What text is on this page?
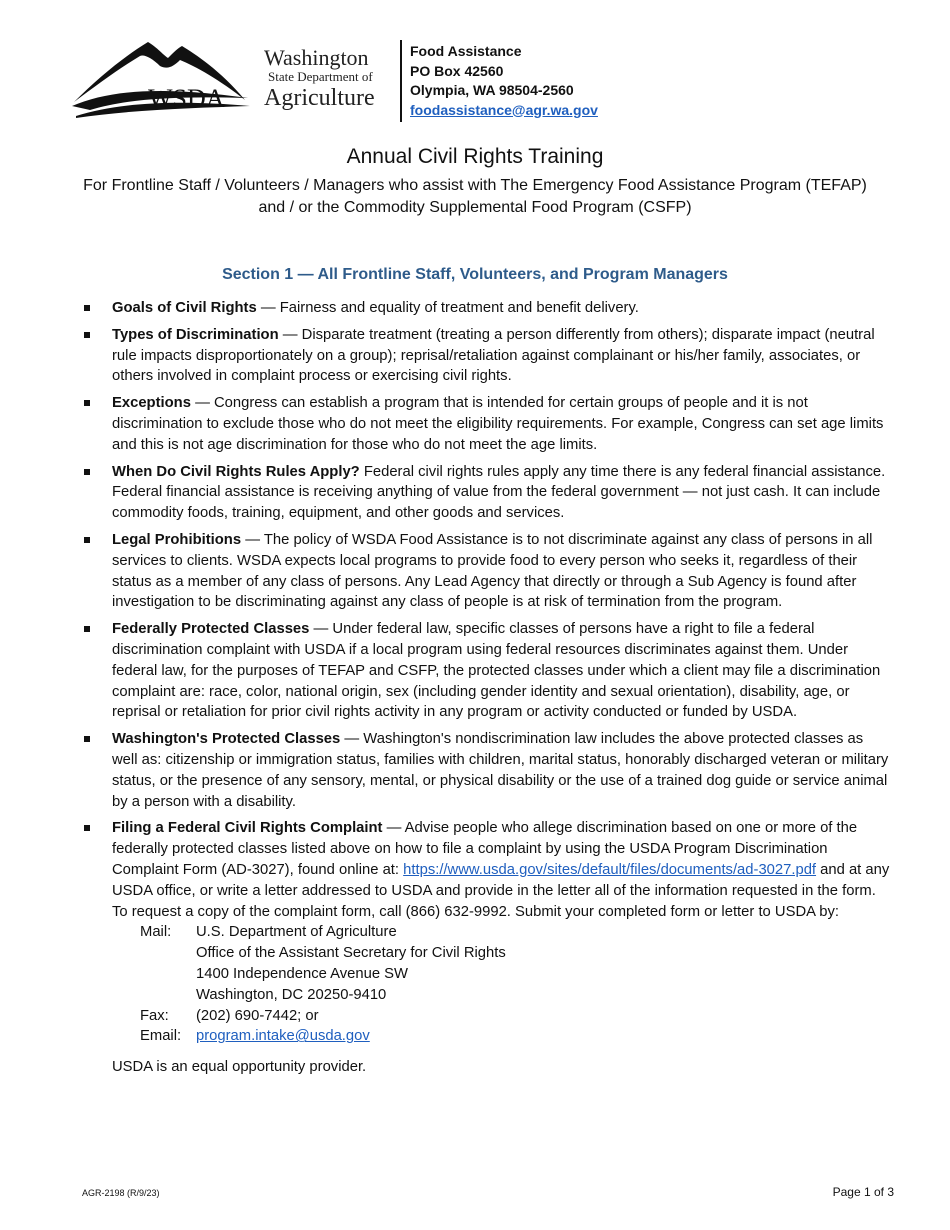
WSDA
Washington
State Department of
Agriculture
Food Assistance
PO Box 42560
Olympia, WA 98504-2560
foodassistance@agr.wa.gov
Annual Civil Rights Training
For Frontline Staff / Volunteers / Managers who assist with The Emergency Food Assistance Program (TEFAP)
and / or the Commodity Supplemental Food Program (CSFP)
Section 1 — All Frontline Staff, Volunteers, and Program Managers
Goals of Civil Rights — Fairness and equality of treatment and benefit delivery.
Types of Discrimination — Disparate treatment (treating a person differently from others); disparate impact (neutral rule impacts disproportionately on a group); reprisal/retaliation against complainant or his/her family, associates, or others involved in complaint process or exercising civil rights.
Exceptions — Congress can establish a program that is intended for certain groups of people and it is not discrimination to exclude those who do not meet the eligibility requirements. For example, Congress can set age limits and this is not age discrimination for those who do not meet the age limits.
When Do Civil Rights Rules Apply? Federal civil rights rules apply any time there is any federal financial assistance. Federal financial assistance is receiving anything of value from the federal government — not just cash. It can include commodity foods, training, equipment, and other goods and services.
Legal Prohibitions — The policy of WSDA Food Assistance is to not discriminate against any class of persons in all services to clients. WSDA expects local programs to provide food to every person who seeks it, regardless of their status as a member of any class of persons. Any Lead Agency that directly or through a Sub Agency is found after investigation to be discriminating against any class of people is at risk of termination from the program.
Federally Protected Classes — Under federal law, specific classes of persons have a right to file a federal discrimination complaint with USDA if a local program using federal resources discriminates against them. Under federal law, for the purposes of TEFAP and CSFP, the protected classes under which a client may file a discrimination complaint are: race, color, national origin, sex (including gender identity and sexual orientation), disability, age, or reprisal or retaliation for prior civil rights activity in any program or activity conducted or funded by USDA.
Washington's Protected Classes — Washington's nondiscrimination law includes the above protected classes as well as: citizenship or immigration status, families with children, marital status, honorably discharged veteran or military status, or the presence of any sensory, mental, or physical disability or the use of a trained dog guide or service animal by a person with a disability.
Filing a Federal Civil Rights Complaint — Advise people who allege discrimination based on one or more of the federally protected classes listed above on how to file a complaint by using the USDA Program Discrimination Complaint Form (AD-3027), found online at: https://www.usda.gov/sites/default/files/documents/ad-3027.pdf and at any USDA office, or write a letter addressed to USDA and provide in the letter all of the information requested in the form. To request a copy of the complaint form, call (866) 632-9992. Submit your completed form or letter to USDA by:
Mail:	U.S. Department of Agriculture
Office of the Assistant Secretary for Civil Rights
1400 Independence Avenue SW
Washington, DC 20250-9410
Fax:	(202) 690-7442; or
Email:	program.intake@usda.gov
USDA is an equal opportunity provider.
AGR-2198 (R/9/23)	Page 1 of 3
